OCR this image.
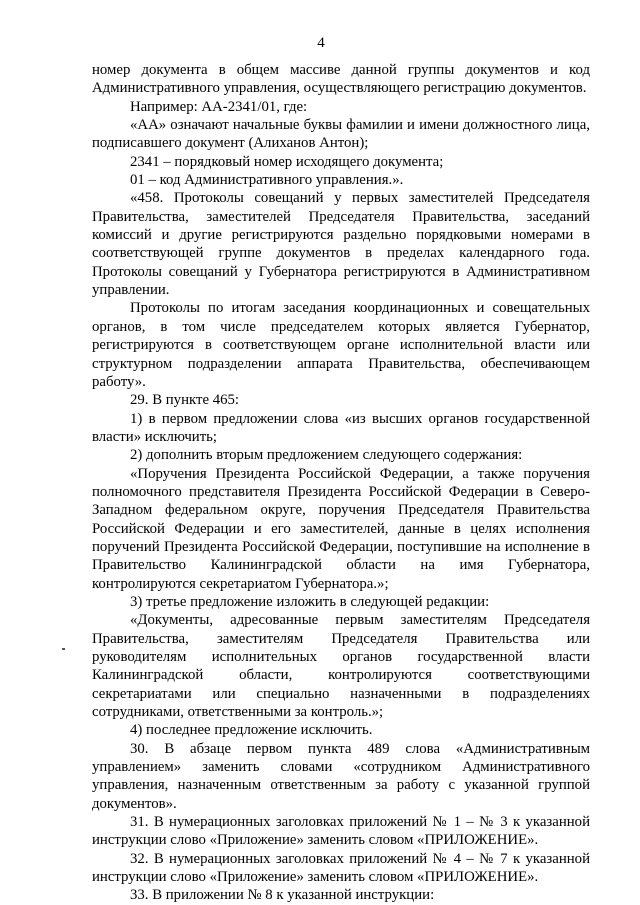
4

номер документа в общем массиве данной группы документов и код Административного управления, осуществляющего регистрацию документов.

Например: АА-2341/01, где:

«АА» означают начальные буквы фамилии и имени должностного лица, подписавшего документ (Алиханов Антон);

2341 – порядковый номер исходящего документа;

01 – код Административного управления.».

«458. Протоколы совещаний у первых заместителей Председателя Правительства, заместителей Председателя Правительства, заседаний комиссий и другие регистрируются раздельно порядковыми номерами в соответствующей группе документов в пределах календарного года. Протоколы совещаний у Губернатора регистрируются в Административном управлении.

Протоколы по итогам заседания координационных и совещательных органов, в том числе председателем которых является Губернатор, регистрируются в соответствующем органе исполнительной власти или структурном подразделении аппарата Правительства, обеспечивающем работу».

29. В пункте 465:

1) в первом предложении слова «из высших органов государственной власти» исключить;

2) дополнить вторым предложением следующего содержания:

«Поручения Президента Российской Федерации, а также поручения полномочного представителя Президента Российской Федерации в Северо-Западном федеральном округе, поручения Председателя Правительства Российской Федерации и его заместителей, данные в целях исполнения поручений Президента Российской Федерации, поступившие на исполнение в Правительство Калининградской области на имя Губернатора, контролируются секретариатом Губернатора.»;

3) третье предложение изложить в следующей редакции:

«Документы, адресованные первым заместителям Председателя Правительства, заместителям Председателя Правительства или руководителям исполнительных органов государственной власти Калининградской области, контролируются соответствующими секретариатами или специально назначенными в подразделениях сотрудниками, ответственными за контроль.»;

4) последнее предложение исключить.

30. В абзаце первом пункта 489 слова «Административным управлением» заменить словами «сотрудником Административного управления, назначенным ответственным за работу с указанной группой документов».

31. В нумерационных заголовках приложений № 1 – № 3 к указанной инструкции слово «Приложение» заменить словом «ПРИЛОЖЕНИЕ».

32. В нумерационных заголовках приложений № 4 – № 7 к указанной инструкции слово «Приложение» заменить словом «ПРИЛОЖЕНИЕ».

33. В приложении № 8 к указанной инструкции:
